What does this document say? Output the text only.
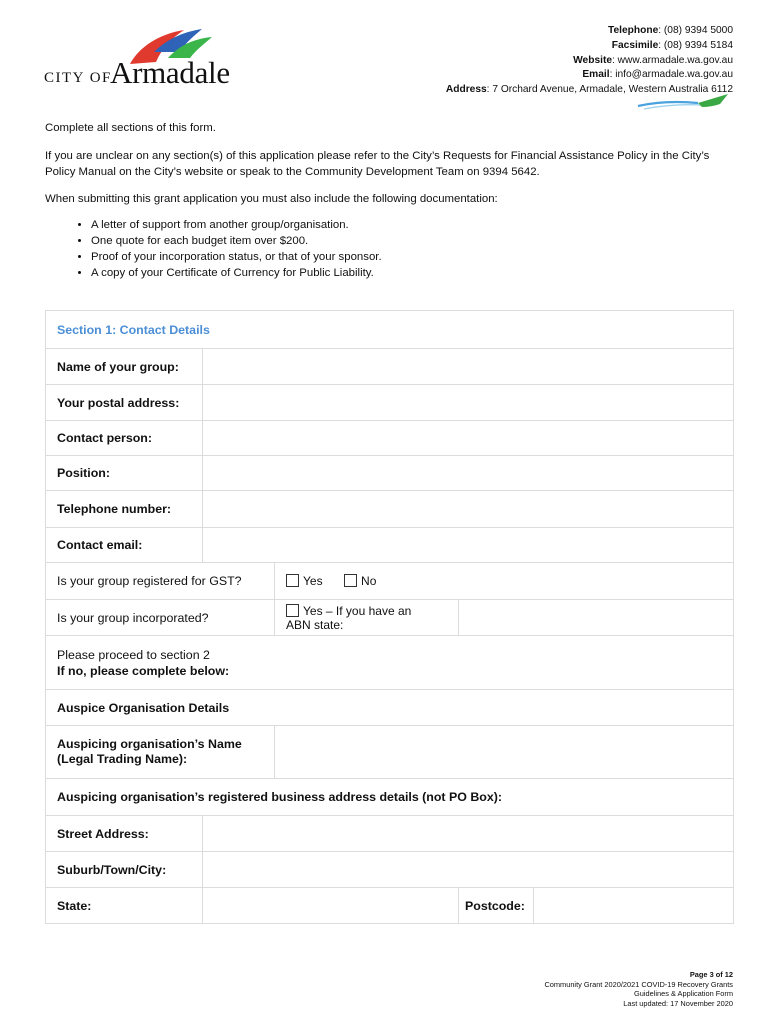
CITY OF
Armadale
Telephone: (08) 9394 5000
Facsimile: (08) 9394 5184
Website: www.armadale.wa.gov.au
Email: info@armadale.wa.gov.au
Address: 7 Orchard Avenue, Armadale, Western Australia 6112

Complete all sections of this form.

If you are unclear on any section(s) of this application please refer to the City’s Requests for Financial Assistance Policy in the City’s Policy Manual on the City’s website or speak to the Community Development Team on 9394 5642.

When submitting this grant application you must also include the following documentation:

• A letter of support from another group/organisation.
• One quote for each budget item over $200.
• Proof of your incorporation status, or that of your sponsor.
• A copy of your Certificate of Currency for Public Liability.
Section 1: Contact Details				
Name of your group:				
Your postal address:				
Contact person:				
Position:				
Telephone number:				
Contact email:				
Is your group registered for GST?		Yes No		
Is your group incorporated?		Yes – If you have an ABN state:		

Please proceed to section 2
If no, please complete below:				

Auspice Organisation Details				

Auspicing organisation’s Name
(Legal Trading Name):				

Auspicing organisation’s registered business address details (not PO Box):				
Street Address:				
Suburb/Town/City:				
State:			Postcode:	
Page 3 of 12
Community Grant 2020/2021 COVID-19 Recovery Grants
Guidelines & Application Form
Last updated: 17 November 2020
